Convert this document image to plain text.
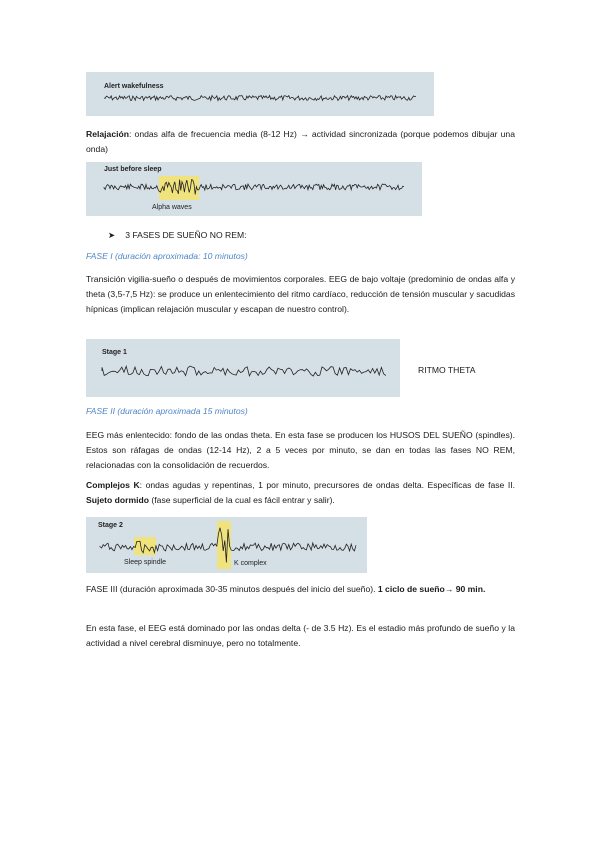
Alert wakefulness
Relajación: ondas alfa de frecuencia media (8-12 Hz) → actividad sincronizada (porque podemos dibujar una onda)
Just before sleep
Alpha waves
➤ 3 FASES DE SUEÑO NO REM:
FASE I (duración aproximada: 10 minutos)
Transición vigilia-sueño o después de movimientos corporales. EEG de bajo voltaje (predominio de ondas alfa y theta (3,5-7,5 Hz): se produce un enlentecimiento del ritmo cardíaco, reducción de tensión muscular y sacudidas hípnicas (implican relajación muscular y escapan de nuestro control).
Stage 1
RITMO THETA
FASE II (duración aproximada 15 minutos)
EEG más enlentecido: fondo de las ondas theta. En esta fase se producen los HUSOS DEL SUEÑO (spindles). Estos son ráfagas de ondas (12-14 Hz), 2 a 5 veces por minuto, se dan en todas las fases NO REM, relacionadas con la consolidación de recuerdos.
Complejos K: ondas agudas y repentinas, 1 por minuto, precursores de ondas delta. Específicas de fase II. Sujeto dormido (fase superficial de la cual es fácil entrar y salir).
Stage 2
Sleep spindle	K complex
FASE III (duración aproximada 30-35 minutos después del inicio del sueño). 1 ciclo de sueño→ 90 min.
En esta fase, el EEG está dominado por las ondas delta (- de 3.5 Hz). Es el estadio más profundo de sueño y la actividad a nivel cerebral disminuye, pero no totalmente.
